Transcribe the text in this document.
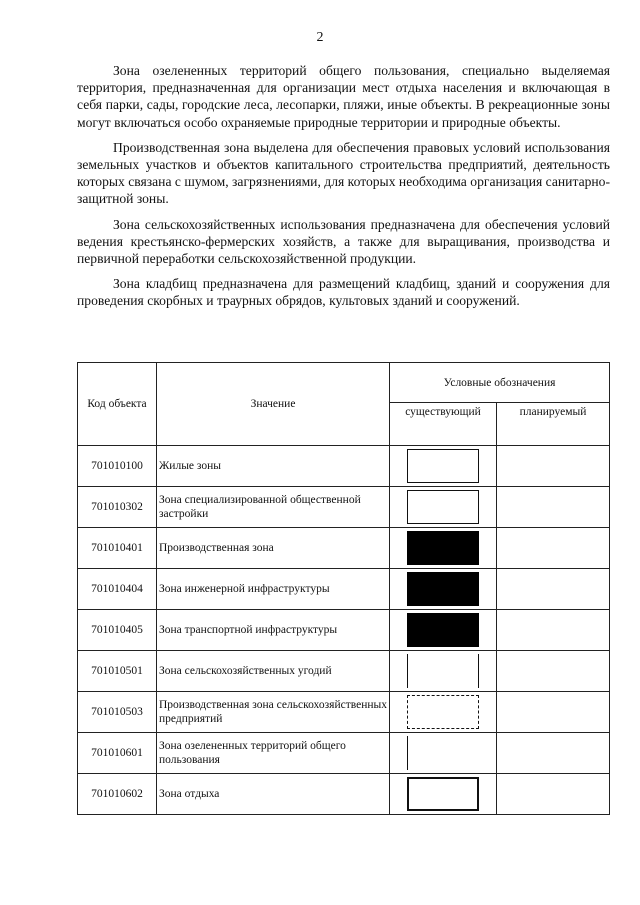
2

Зона озелененных территорий общего пользования, специально выделяемая территория, предназначенная для организации мест отдыха населения и включающая в себя парки, сады, городские леса, лесопарки, пляжи, иные объекты. В рекреационные зоны могут включаться особо охраняемые природные территории и природные объекты.

Производственная зона выделена для обеспечения правовых условий использования земельных участков и объектов капитального строительства предприятий, деятельность которых связана с шумом, загрязнениями, для которых необходима организация санитарно-защитной зоны.

Зона сельскохозяйственных использования предназначена для обеспечения условий ведения крестьянско-фермерских хозяйств, а также для выращивания, производства и первичной переработки сельскохозяйственной продукции.

Зона кладбищ предназначена для размещений кладбищ, зданий и сооружения для проведения скорбных и траурных обрядов, культовых зданий и сооружений.

Код объекта	Значение	Условные обозначения	
		существующий	планируемый
701010100	Жилые зоны		
701010302	Зона специализированной общественной застройки		
701010401	Производственная зона		
701010404	Зона инженерной инфраструктуры		
701010405	Зона транспортной инфраструктуры		
701010501	Зона сельскохозяйственных угодий		
701010503	Производственная зона сельскохозяйственных предприятий		
701010601	Зона озелененных территорий общего пользования		
701010602	Зона отдыха		
